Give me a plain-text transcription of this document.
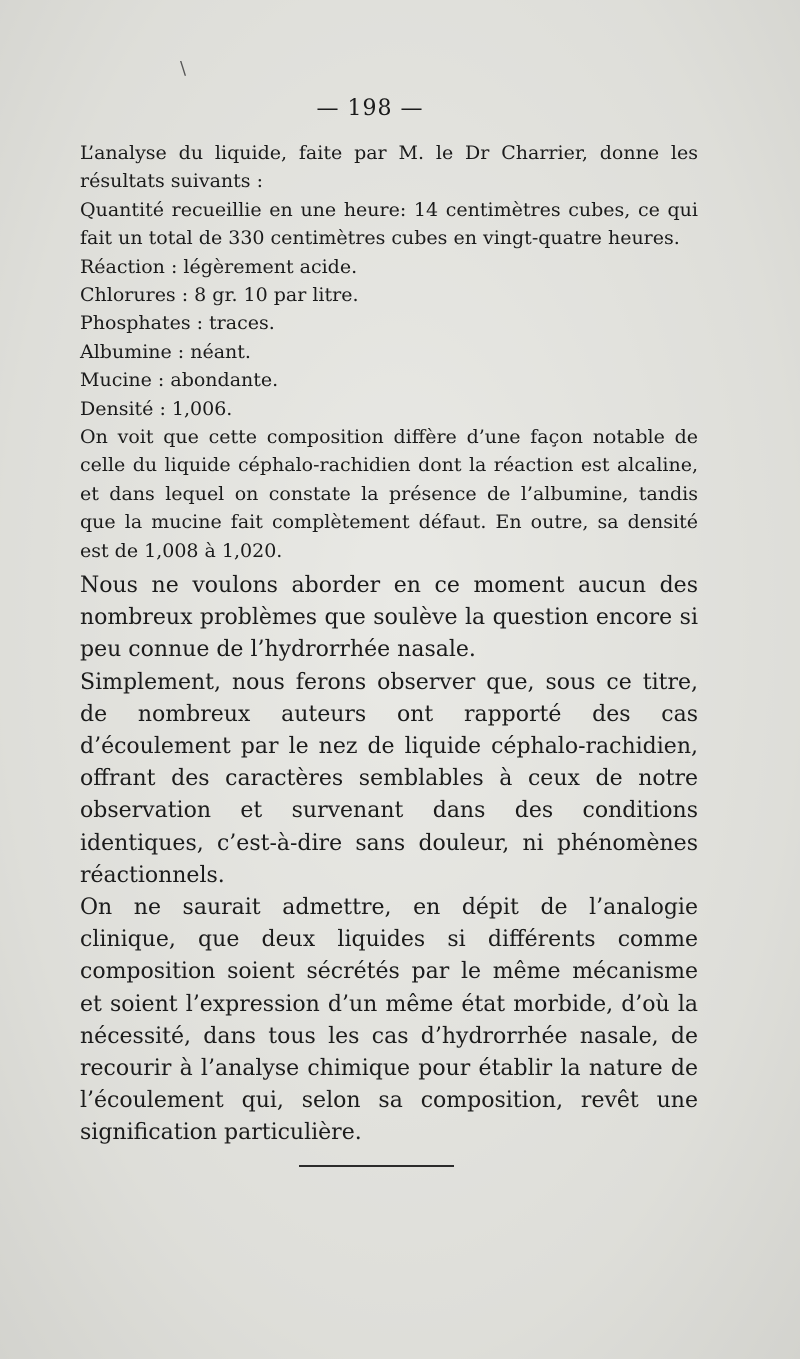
\
— 198 —

L’analyse du liquide, faite par M. le Dr Charrier, donne les résultats suivants :

Quantité recueillie en une heure: 14 centimètres cubes, ce qui fait un total de 330 centimètres cubes en vingt-quatre heures.

Réaction : légèrement acide.

Chlorures : 8 gr. 10 par litre.

Phosphates : traces.

Albumine : néant.

Mucine : abondante.

Densité : 1,006.

On voit que cette composition diffère d’une façon notable de celle du liquide céphalo-rachidien dont la réaction est alcaline, et dans lequel on constate la présence de l’albumine, tandis que la mucine fait complètement défaut. En outre, sa densité est de 1,008 à 1,020.

Nous ne voulons aborder en ce moment aucun des nombreux problèmes que soulève la question encore si peu connue de l’hydrorrhée nasale.

Simplement, nous ferons observer que, sous ce titre, de nombreux auteurs ont rapporté des cas d’écoulement par le nez de liquide céphalo-rachidien, offrant des caractères semblables à ceux de notre observation et survenant dans des conditions identiques, c’est-à-dire sans douleur, ni phénomènes réactionnels.

On ne saurait admettre, en dépit de l’analogie clinique, que deux liquides si différents comme composition soient sécrétés par le même mécanisme et soient l’expression d’un même état morbide, d’où la nécessité, dans tous les cas d’hydrorrhée nasale, de recourir à l’analyse chimique pour établir la nature de l’écoulement qui, selon sa composition, revêt une signification particulière.
